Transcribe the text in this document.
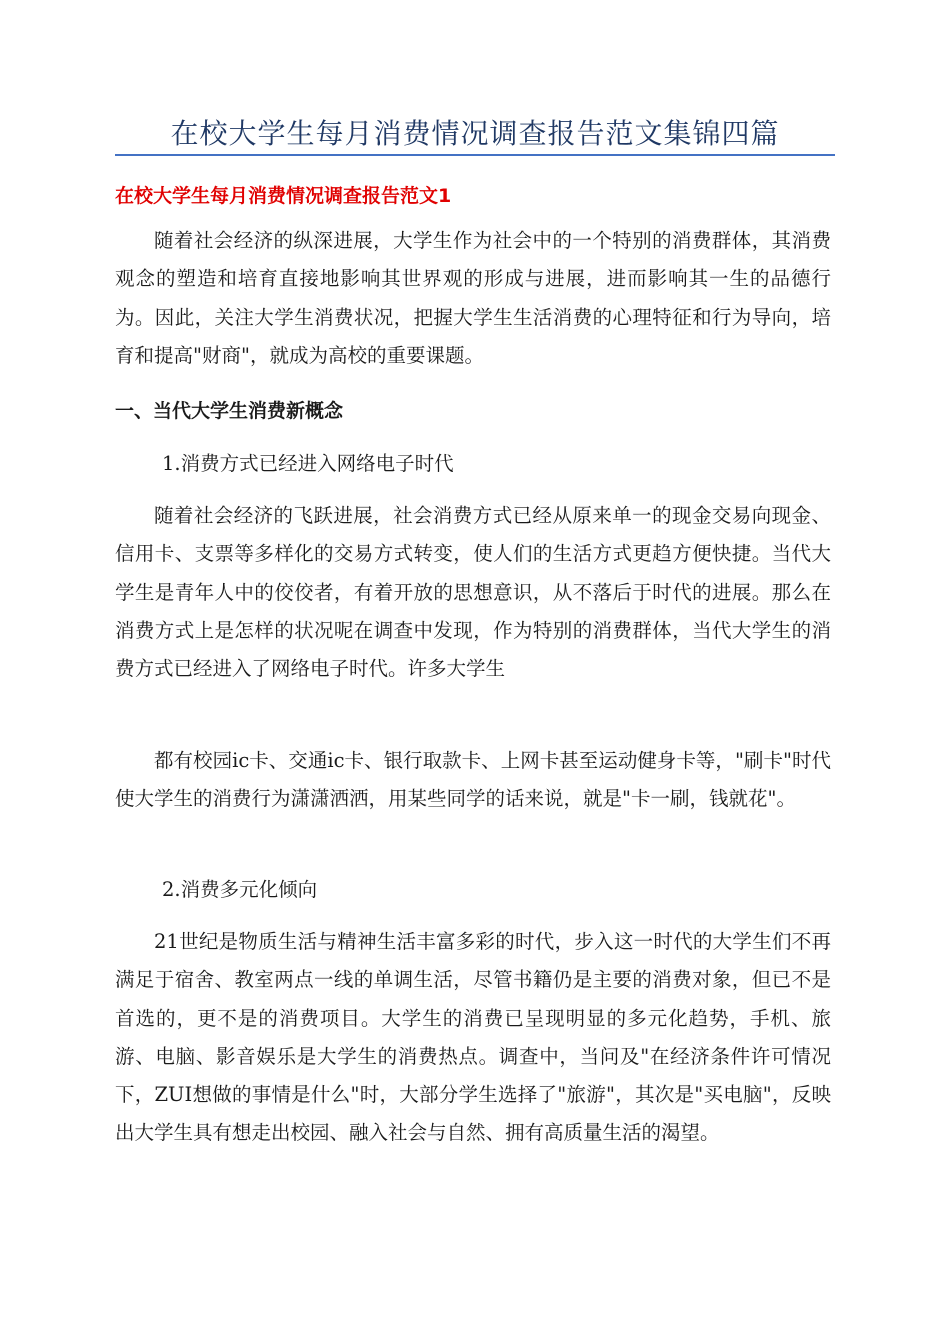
在校大学生每月消费情况调查报告范文集锦四篇
在校大学生每月消费情况调查报告范文1

随着社会经济的纵深进展，大学生作为社会中的一个特别的消费群体，其消费观念的塑造和培育直接地影响其世界观的形成与进展，进而影响其一生的品德行为。因此，关注大学生消费状况，把握大学生生活消费的心理特征和行为导向，培育和提高"财商"，就成为高校的重要课题。

一、当代大学生消费新概念
1.消费方式已经进入网络电子时代

随着社会经济的飞跃进展，社会消费方式已经从原来单一的现金交易向现金、信用卡、支票等多样化的交易方式转变，使人们的生活方式更趋方便快捷。当代大学生是青年人中的佼佼者，有着开放的思想意识，从不落后于时代的进展。那么在消费方式上是怎样的状况呢在调查中发现，作为特别的消费群体，当代大学生的消费方式已经进入了网络电子时代。许多大学生

都有校园ic卡、交通ic卡、银行取款卡、上网卡甚至运动健身卡等，"刷卡"时代使大学生的消费行为潇潇洒洒，用某些同学的话来说，就是"卡一刷，钱就花"。

2.消费多元化倾向

21世纪是物质生活与精神生活丰富多彩的时代，步入这一时代的大学生们不再满足于宿舍、教室两点一线的单调生活，尽管书籍仍是主要的消费对象，但已不是首选的，更不是的消费项目。大学生的消费已呈现明显的多元化趋势，手机、旅游、电脑、影音娱乐是大学生的消费热点。调查中，当问及"在经济条件许可情况下，ZUI想做的事情是什么"时，大部分学生选择了"旅游"，其次是"买电脑"，反映出大学生具有想走出校园、融入社会与自然、拥有高质量生活的渴望。
